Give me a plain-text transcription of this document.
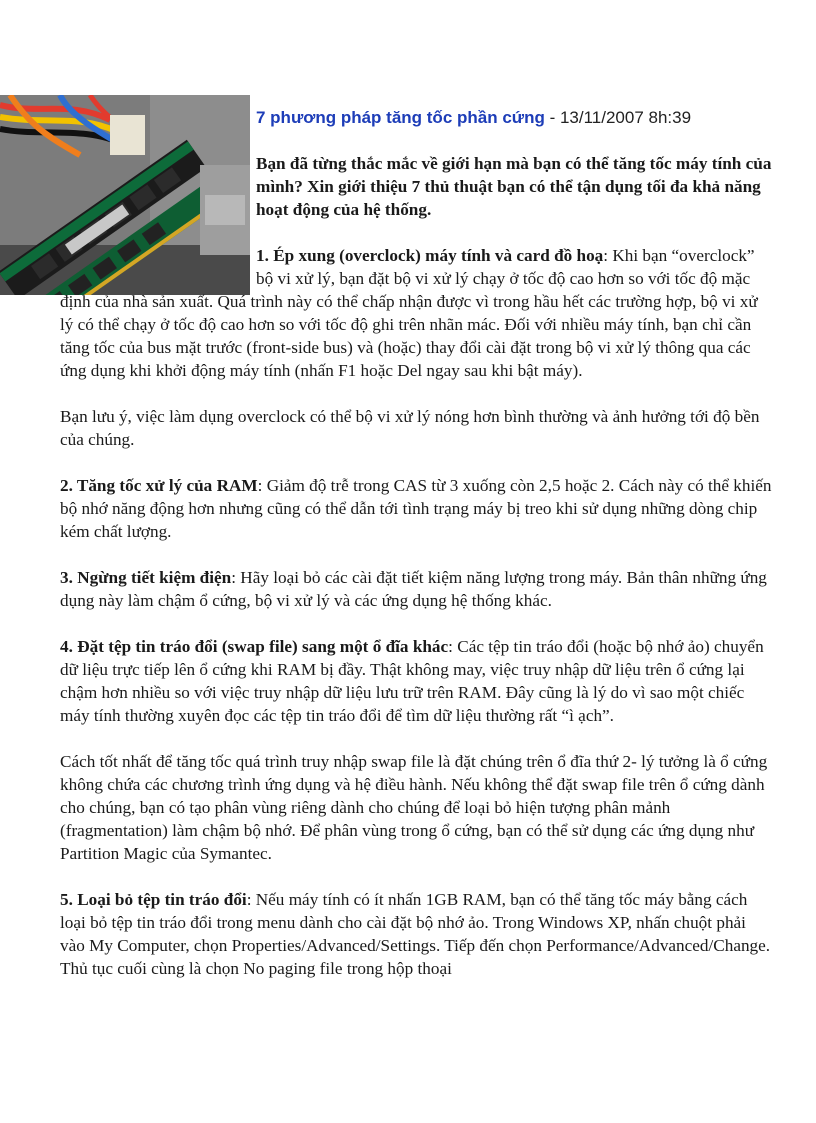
7 phương pháp tăng tốc phần cứng - 13/11/2007 8h:39

Bạn đã từng thắc mắc về giới hạn mà bạn có thể tăng tốc máy tính của mình? Xin giới thiệu 7 thủ thuật bạn có thể tận dụng tối đa khả năng hoạt động của hệ thống.

1. Ép xung (overclock) máy tính và card đồ hoạ: Khi bạn “overclock” bộ vi xử lý, bạn đặt bộ vi xử lý chạy ở tốc độ cao hơn so với tốc độ mặc định của nhà sản xuất. Quá trình này có thể chấp nhận được vì trong hầu hết các trường hợp, bộ vi xử lý có thể chạy ở tốc độ cao hơn so với tốc độ ghi trên nhãn mác. Đối với nhiều máy tính, bạn chỉ cần tăng tốc của bus mặt trước (front-side bus) và (hoặc) thay đổi cài đặt trong bộ vi xử lý thông qua các ứng dụng khi khởi động máy tính (nhấn F1 hoặc Del ngay sau khi bật máy).

Bạn lưu ý, việc làm dụng overclock có thể bộ vi xử lý nóng hơn bình thường và ảnh hưởng tới độ bền của chúng.

2. Tăng tốc xử lý của RAM: Giảm độ trễ trong CAS từ 3 xuống còn 2,5 hoặc 2. Cách này có thể khiến bộ nhớ năng động hơn nhưng cũng có thể dẫn tới tình trạng máy bị treo khi sử dụng những dòng chip kém chất lượng.

3. Ngừng tiết kiệm điện: Hãy loại bỏ các cài đặt tiết kiệm năng lượng trong máy. Bản thân những ứng dụng này làm chậm ổ cứng, bộ vi xử lý và các ứng dụng hệ thống khác.

4. Đặt tệp tin tráo đổi (swap file) sang một ổ đĩa khác: Các tệp tin tráo đổi (hoặc bộ nhớ ảo) chuyển dữ liệu trực tiếp lên ổ cứng khi RAM bị đầy. Thật không may, việc truy nhập dữ liệu trên ổ cứng lại chậm hơn nhiều so với việc truy nhập dữ liệu lưu trữ trên RAM. Đây cũng là lý do vì sao một chiếc máy tính thường xuyên đọc các tệp tin tráo đổi để tìm dữ liệu thường rất “ì ạch”.

Cách tốt nhất để tăng tốc quá trình truy nhập swap file là đặt chúng trên ổ đĩa thứ 2- lý tưởng là ổ cứng không chứa các chương trình ứng dụng và hệ điều hành. Nếu không thể đặt swap file trên ổ cứng dành cho chúng, bạn có tạo phân vùng riêng dành cho chúng để loại bỏ hiện tượng phân mảnh (fragmentation) làm chậm bộ nhớ. Để phân vùng trong ổ cứng, bạn có thể sử dụng các ứng dụng như Partition Magic của Symantec.

5. Loại bỏ tệp tin tráo đổi: Nếu máy tính có ít nhấn 1GB RAM, bạn có thể tăng tốc máy bằng cách loại bỏ tệp tin tráo đổi trong menu dành cho cài đặt bộ nhớ ảo. Trong Windows XP, nhấn chuột phải vào My Computer, chọn Properties/Advanced/Settings. Tiếp đến chọn Performance/Advanced/Change. Thủ tục cuối cùng là chọn No paging file trong hộp thoại
